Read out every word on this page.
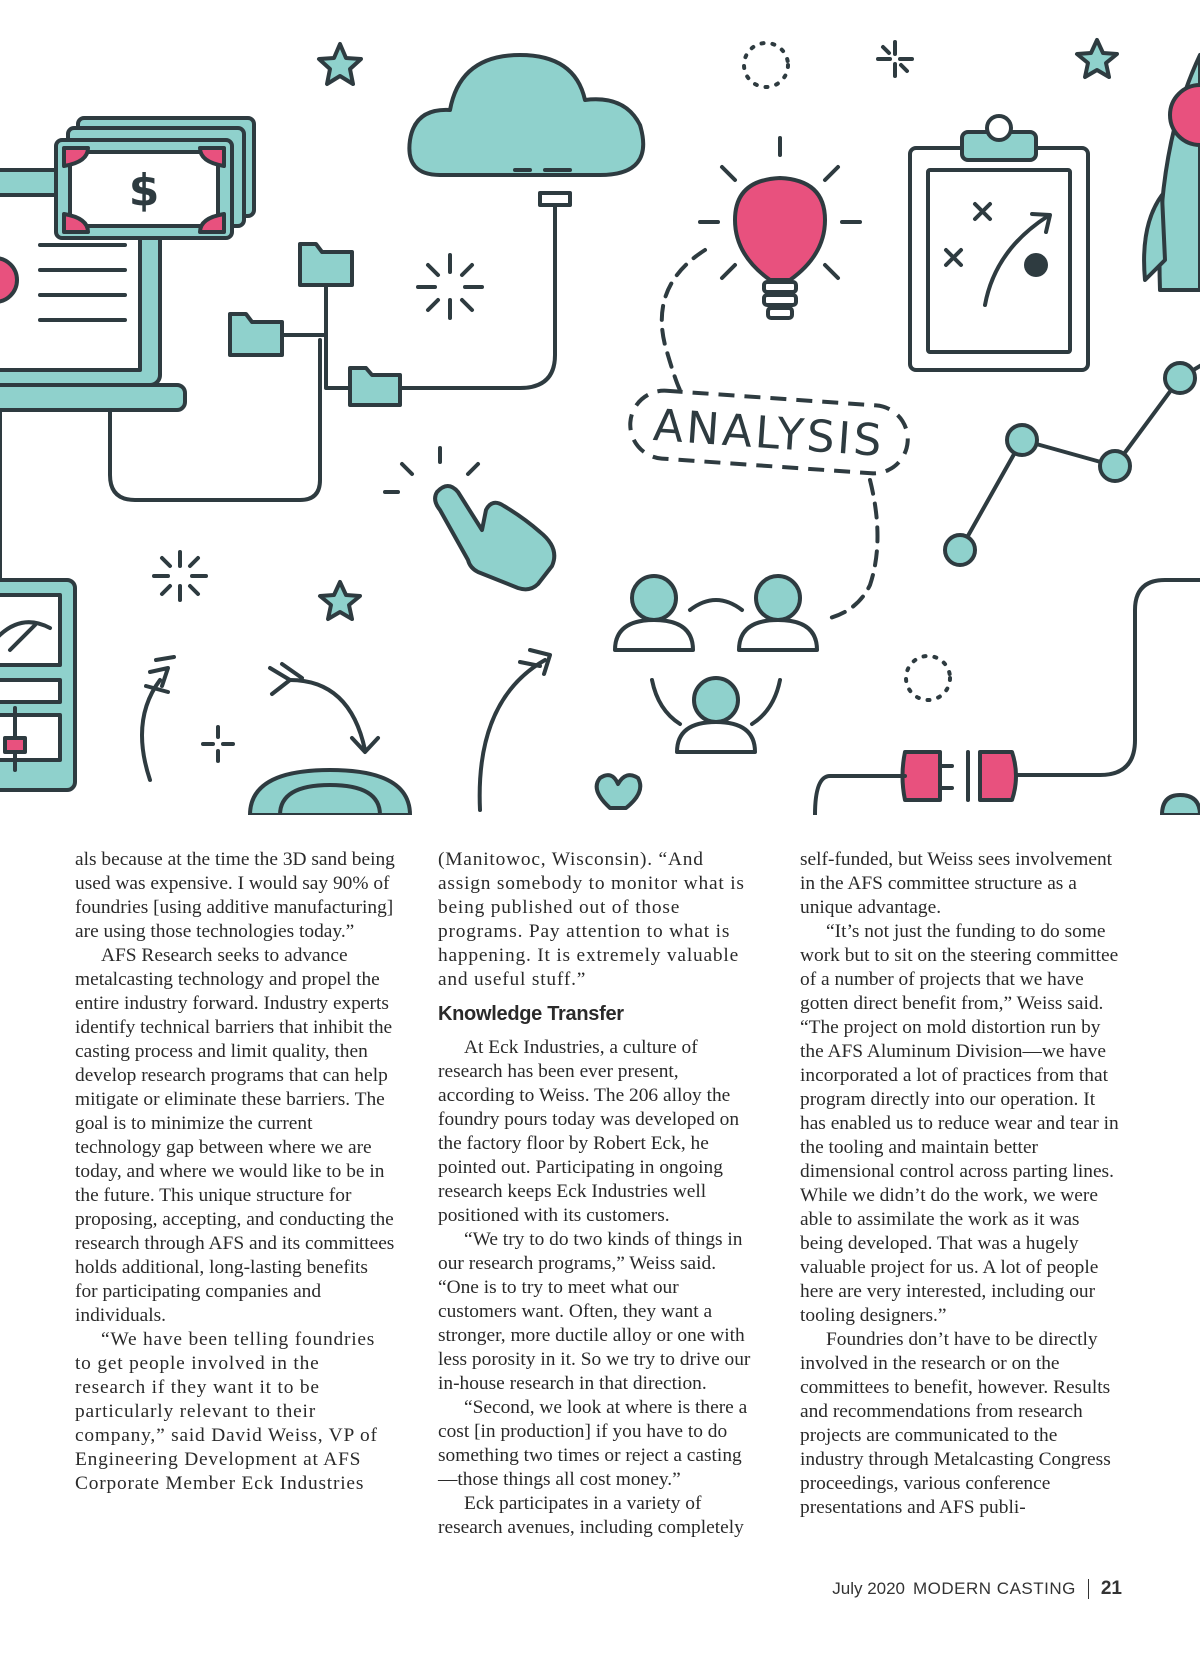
$
ANALYSIS

als because at the time the 3D sand being used was expensive. I would say 90% of foundries [using additive manufacturing] are using those technologies today.”

AFS Research seeks to advance metalcasting technology and propel the entire industry forward. Industry experts identify technical barriers that inhibit the casting process and limit quality, then develop research programs that can help mitigate or eliminate these barriers. The goal is to minimize the current technology gap between where we are today, and where we would like to be in the future. This unique structure for proposing, accepting, and conducting the research through AFS and its committees holds additional, long-lasting benefits for participating companies and individuals.

“We have been telling foundries to get people involved in the research if they want it to be particularly relevant to their company,” said David Weiss, VP of Engineering Development at AFS Corporate Member Eck Industries

(Manitowoc, Wisconsin). “And assign somebody to monitor what is being published out of those programs. Pay attention to what is happening. It is extremely valuable and useful stuff.”

Knowledge Transfer

At Eck Industries, a culture of research has been ever present, according to Weiss. The 206 alloy the foundry pours today was developed on the factory floor by Robert Eck, he pointed out. Participating in ongoing research keeps Eck Industries well positioned with its customers.

“We try to do two kinds of things in our research programs,” Weiss said. “One is to try to meet what our customers want. Often, they want a stronger, more ductile alloy or one with less porosity in it. So we try to drive our in-house research in that direction.

“Second, we look at where is there a cost [in production] if you have to do something two times or reject a casting—those things all cost money.”

Eck participates in a variety of research avenues, including completely

self-funded, but Weiss sees involvement in the AFS committee structure as a unique advantage.

“It’s not just the funding to do some work but to sit on the steering committee of a number of projects that we have gotten direct benefit from,” Weiss said. “The project on mold distortion run by the AFS Aluminum Division—we have incorporated a lot of practices from that program directly into our operation. It has enabled us to reduce wear and tear in the tooling and maintain better dimensional control across parting lines. While we didn’t do the work, we were able to assimilate the work as it was being developed. That was a hugely valuable project for us. A lot of people here are very interested, including our tooling designers.”

Foundries don’t have to be directly involved in the research or on the committees to benefit, however. Results and recommendations from research projects are communicated to the industry through Metalcasting Congress proceedings, various conference presentations and AFS publi-

July 2020 MODERN CASTING 21
